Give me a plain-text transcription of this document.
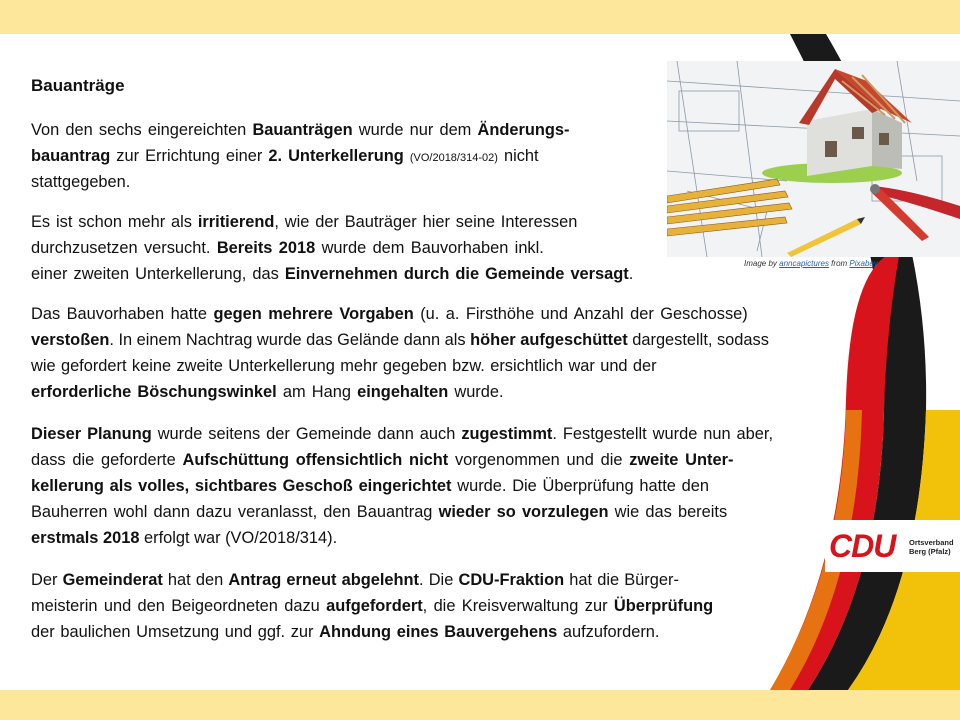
Image by anncapictures from Pixabay
CDU Ortsverband
Berg (Pfalz)

Bauanträge

Von den sechs eingereichten Bauanträgen wurde nur dem Änderungs-

bauantrag zur Errichtung einer 2. Unterkellerung (VO/2018/314-02) nicht

stattgegeben.

Es ist schon mehr als irritierend, wie der Bauträger hier seine Interessen

durchzusetzen versucht. Bereits 2018 wurde dem Bauvorhaben inkl.

einer zweiten Unterkellerung, das Einvernehmen durch die Gemeinde versagt.

Das Bauvorhaben hatte gegen mehrere Vorgaben (u. a. Firsthöhe und Anzahl der Geschosse)

verstoßen. In einem Nachtrag wurde das Gelände dann als höher aufgeschüttet dargestellt, sodass

wie gefordert keine zweite Unterkellerung mehr gegeben bzw. ersichtlich war und der

erforderliche Böschungswinkel am Hang eingehalten wurde.

Dieser Planung wurde seitens der Gemeinde dann auch zugestimmt. Festgestellt wurde nun aber,

dass die geforderte Aufschüttung offensichtlich nicht vorgenommen und die zweite Unter-

kellerung als volles, sichtbares Geschoß eingerichtet wurde. Die Überprüfung hatte den

Bauherren wohl dann dazu veranlasst, den Bauantrag wieder so vorzulegen wie das bereits

erstmals 2018 erfolgt war (VO/2018/314).

Der Gemeinderat hat den Antrag erneut abgelehnt. Die CDU-Fraktion hat die Bürger-

meisterin und den Beigeordneten dazu aufgefordert, die Kreisverwaltung zur Überprüfung

der baulichen Umsetzung und ggf. zur Ahndung eines Bauvergehens aufzufordern.
